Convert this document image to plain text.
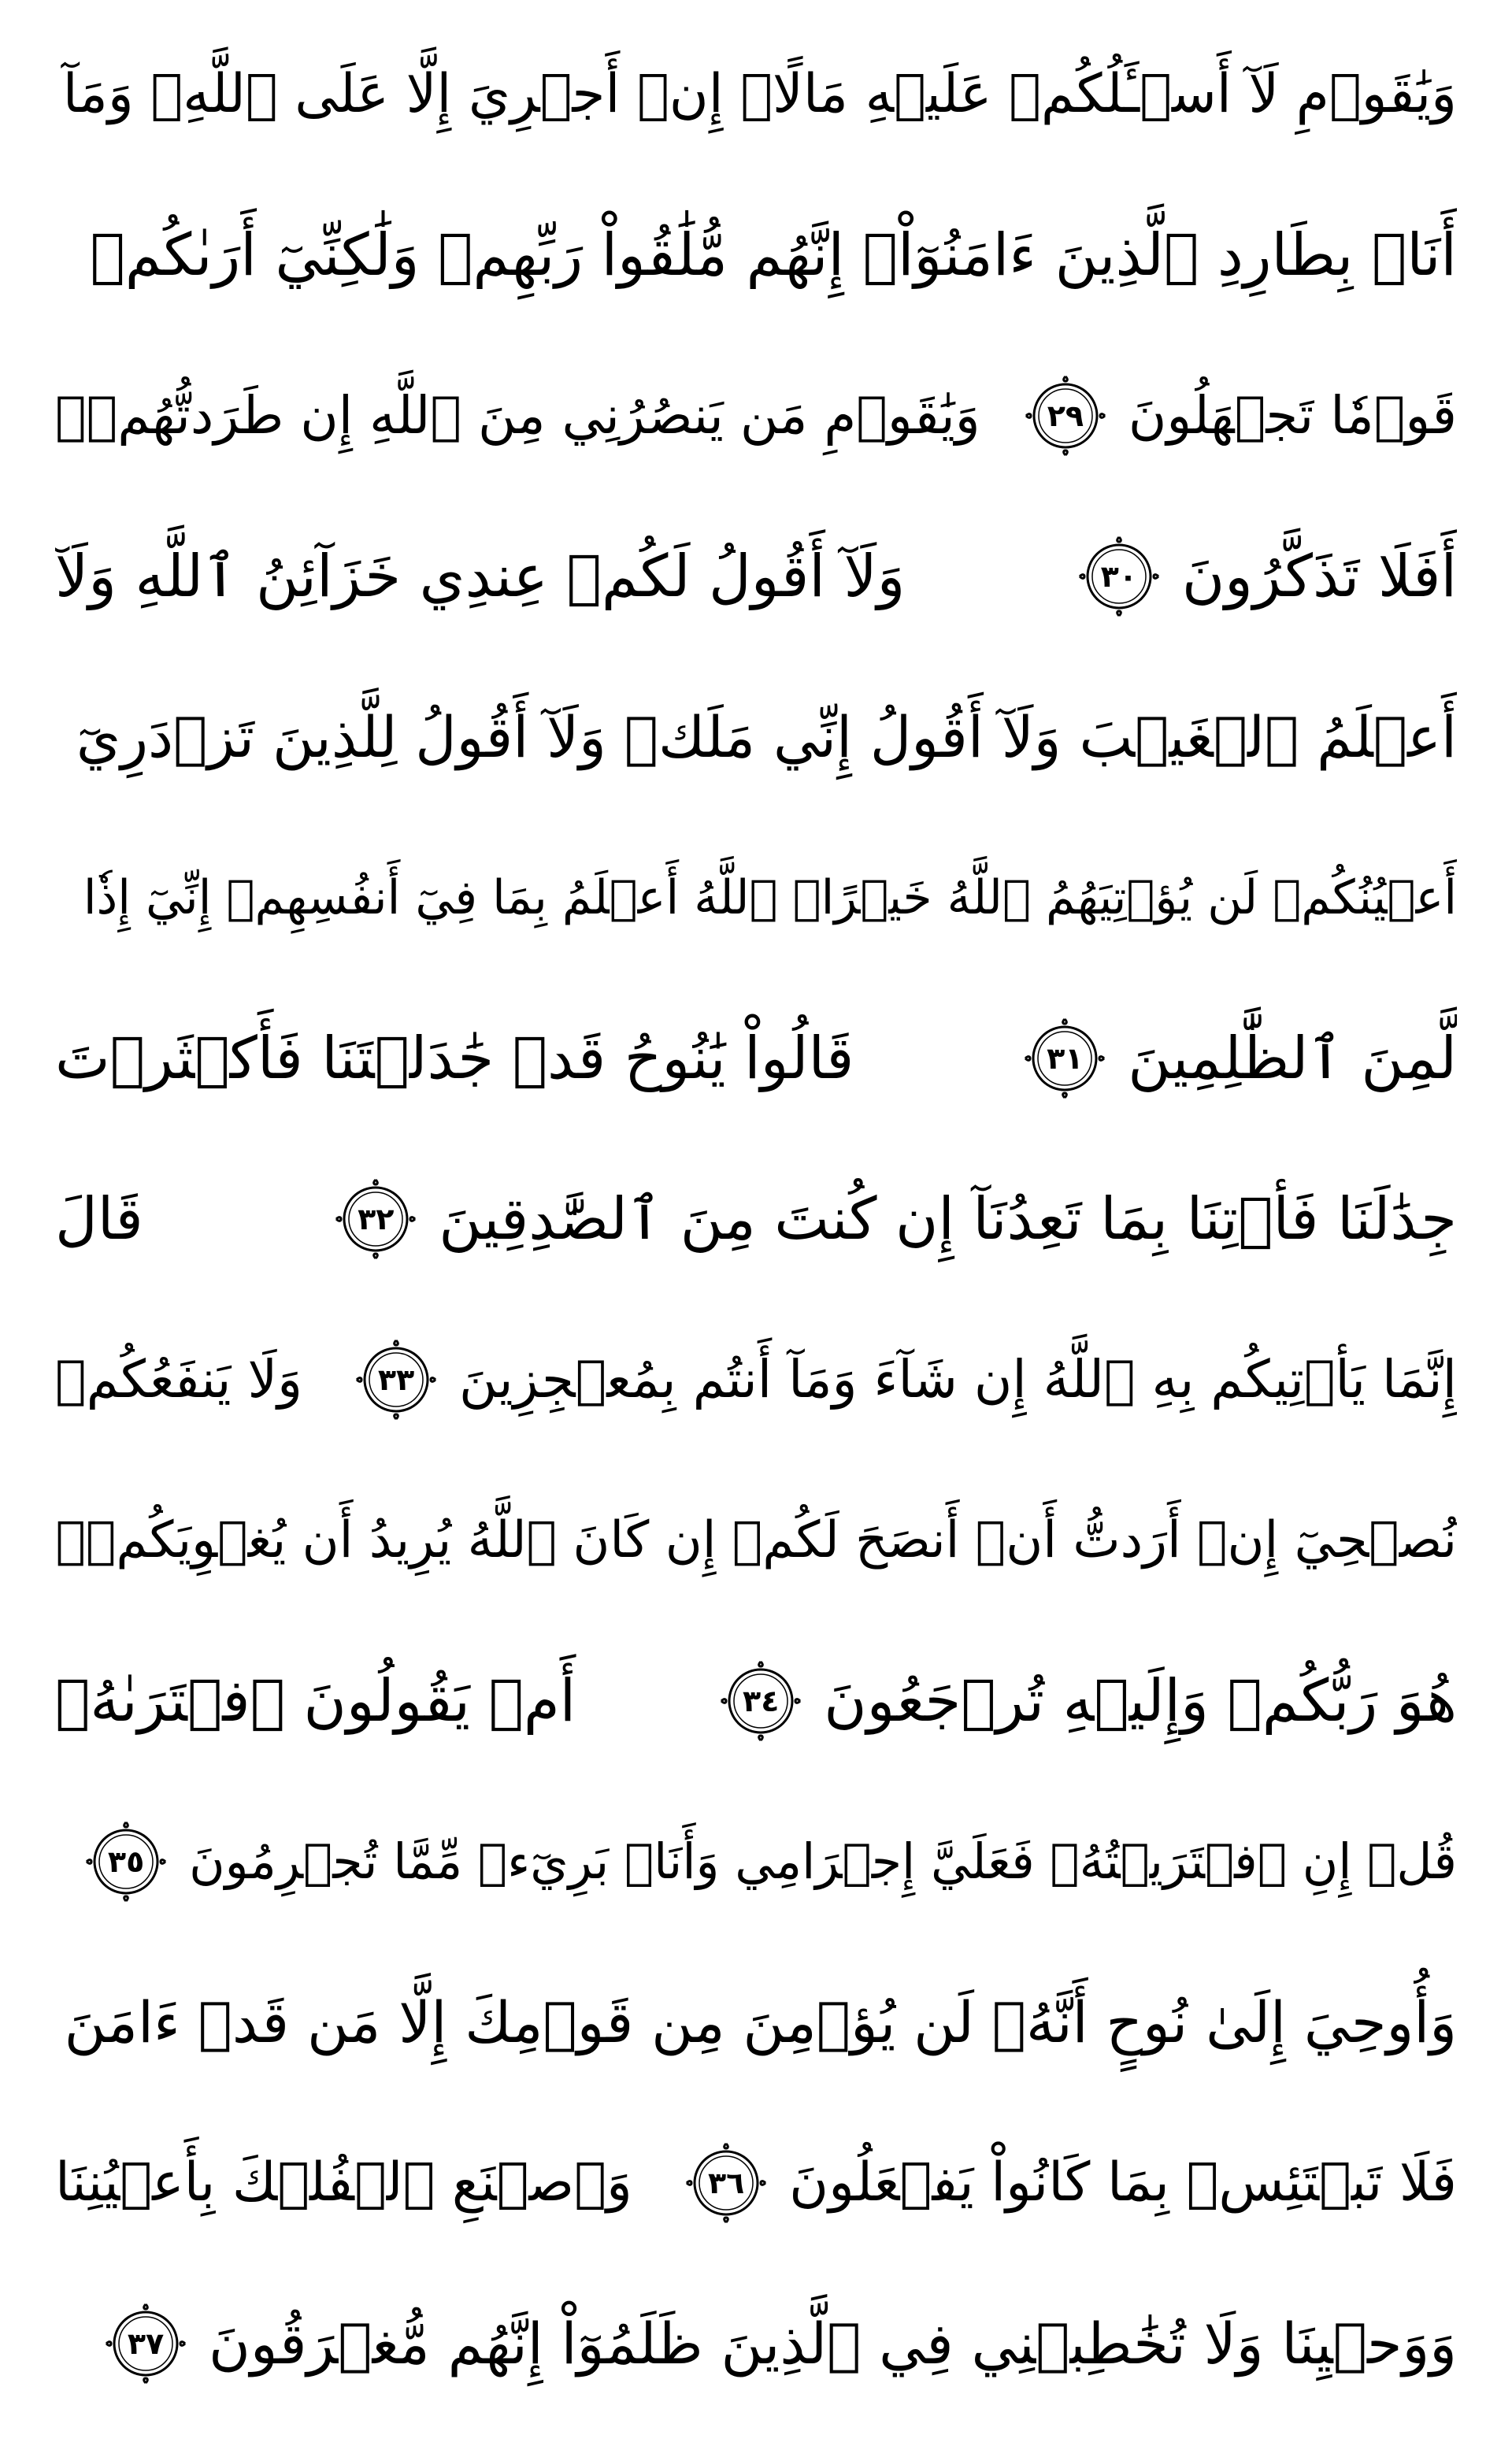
وَيَٰقَوۡمِ لَآ أَسۡـَٔلُكُمۡ عَلَيۡهِ مَالًاۖ إِنۡ أَجۡرِيَ إِلَّا عَلَى ٱللَّهِۚ وَمَآ
أَنَا۠ بِطَارِدِ ٱلَّذِينَ ءَامَنُوٓاْۚ إِنَّهُم مُّلَٰقُواْ رَبِّهِمۡ وَلَٰكِنِّيٓ أَرَىٰكُمۡ
قَوۡمٗا تَجۡهَلُونَ
٢٩
وَيَٰقَوۡمِ مَن يَنصُرُنِي مِنَ ٱللَّهِ إِن طَرَدتُّهُمۡۚ
أَفَلَا تَذَكَّرُونَ
٣٠
وَلَآ أَقُولُ لَكُمۡ عِندِي خَزَآئِنُ ٱللَّهِ وَلَآ
أَعۡلَمُ ٱلۡغَيۡبَ وَلَآ أَقُولُ إِنِّي مَلَكٞ وَلَآ أَقُولُ لِلَّذِينَ تَزۡدَرِيٓ
أَعۡيُنُكُمۡ لَن يُؤۡتِيَهُمُ ٱللَّهُ خَيۡرًاۖ ٱللَّهُ أَعۡلَمُ بِمَا فِيٓ أَنفُسِهِمۡ إِنِّيٓ إِذٗا
لَّمِنَ ٱلظَّٰلِمِينَ
٣١
قَالُواْ يَٰنُوحُ قَدۡ جَٰدَلۡتَنَا فَأَكۡثَرۡتَ
جِدَٰلَنَا فَأۡتِنَا بِمَا تَعِدُنَآ إِن كُنتَ مِنَ ٱلصَّٰدِقِينَ
٣٢
قَالَ
إِنَّمَا يَأۡتِيكُم بِهِ ٱللَّهُ إِن شَآءَ وَمَآ أَنتُم بِمُعۡجِزِينَ
٣٣
وَلَا يَنفَعُكُمۡ
نُصۡحِيٓ إِنۡ أَرَدتُّ أَنۡ أَنصَحَ لَكُمۡ إِن كَانَ ٱللَّهُ يُرِيدُ أَن يُغۡوِيَكُمۡۚ
هُوَ رَبُّكُمۡ وَإِلَيۡهِ تُرۡجَعُونَ
٣٤
أَمۡ يَقُولُونَ ٱفۡتَرَىٰهُۖ
قُلۡ إِنِ ٱفۡتَرَيۡتُهُۥ فَعَلَيَّ إِجۡرَامِي وَأَنَا۠ بَرِيٓءٞ مِّمَّا تُجۡرِمُونَ
٣٥
وَأُوحِيَ إِلَىٰ نُوحٍ أَنَّهُۥ لَن يُؤۡمِنَ مِن قَوۡمِكَ إِلَّا مَن قَدۡ ءَامَنَ
فَلَا تَبۡتَئِسۡ بِمَا كَانُواْ يَفۡعَلُونَ
٣٦
وَٱصۡنَعِ ٱلۡفُلۡكَ بِأَعۡيُنِنَا
وَوَحۡيِنَا وَلَا تُخَٰطِبۡنِي فِي ٱلَّذِينَ ظَلَمُوٓاْ إِنَّهُم مُّغۡرَقُونَ
٣٧
